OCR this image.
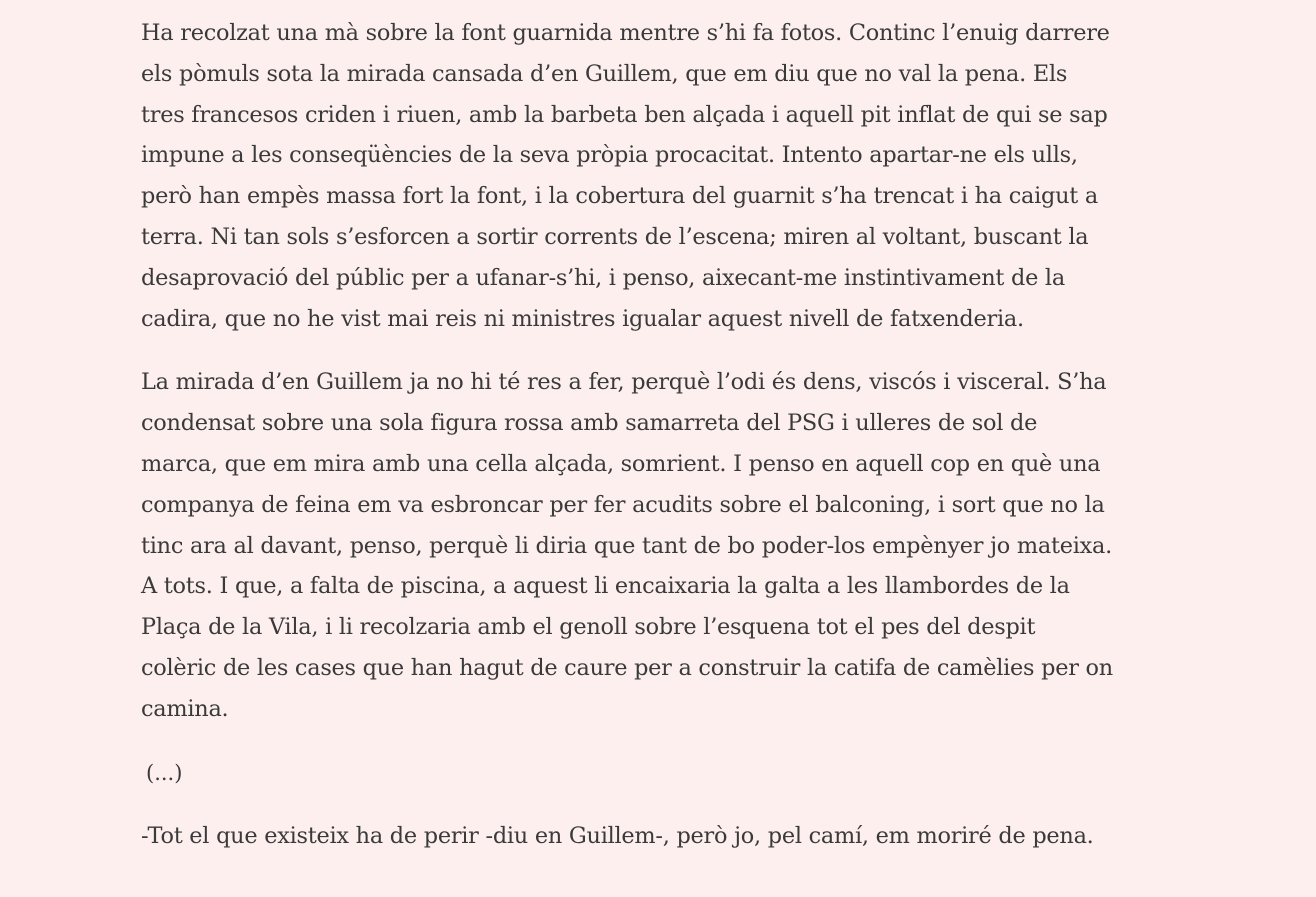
Ha recolzat una mà sobre la font guarnida mentre s’hi fa fotos. Continc l’enuig darrere
els pòmuls sota la mirada cansada d’en Guillem, que em diu que no val la pena. Els
tres francesos criden i riuen, amb la barbeta ben alçada i aquell pit inflat de qui se sap
impune a les conseqüències de la seva pròpia procacitat. Intento apartar-ne els ulls,
però han empès massa fort la font, i la cobertura del guarnit s’ha trencat i ha caigut a
terra. Ni tan sols s’esforcen a sortir corrents de l’escena; miren al voltant, buscant la
desaprovació del públic per a ufanar-s’hi, i penso, aixecant-me instintivament de la
cadira, que no he vist mai reis ni ministres igualar aquest nivell de fatxenderia.

La mirada d’en Guillem ja no hi té res a fer, perquè l’odi és dens, viscós i visceral. S’ha
condensat sobre una sola figura rossa amb samarreta del PSG i ulleres de sol de
marca, que em mira amb una cella alçada, somrient. I penso en aquell cop en què una
companya de feina em va esbroncar per fer acudits sobre el balconing, i sort que no la
tinc ara al davant, penso, perquè li diria que tant de bo poder-los empènyer jo mateixa.
A tots. I que, a falta de piscina, a aquest li encaixaria la galta a les llambordes de la
Plaça de la Vila, i li recolzaria amb el genoll sobre l’esquena tot el pes del despit
colèric de les cases que han hagut de caure per a construir la catifa de camèlies per on
camina.

(...)

-Tot el que existeix ha de perir -diu en Guillem-, però jo, pel camí, em moriré de pena.
